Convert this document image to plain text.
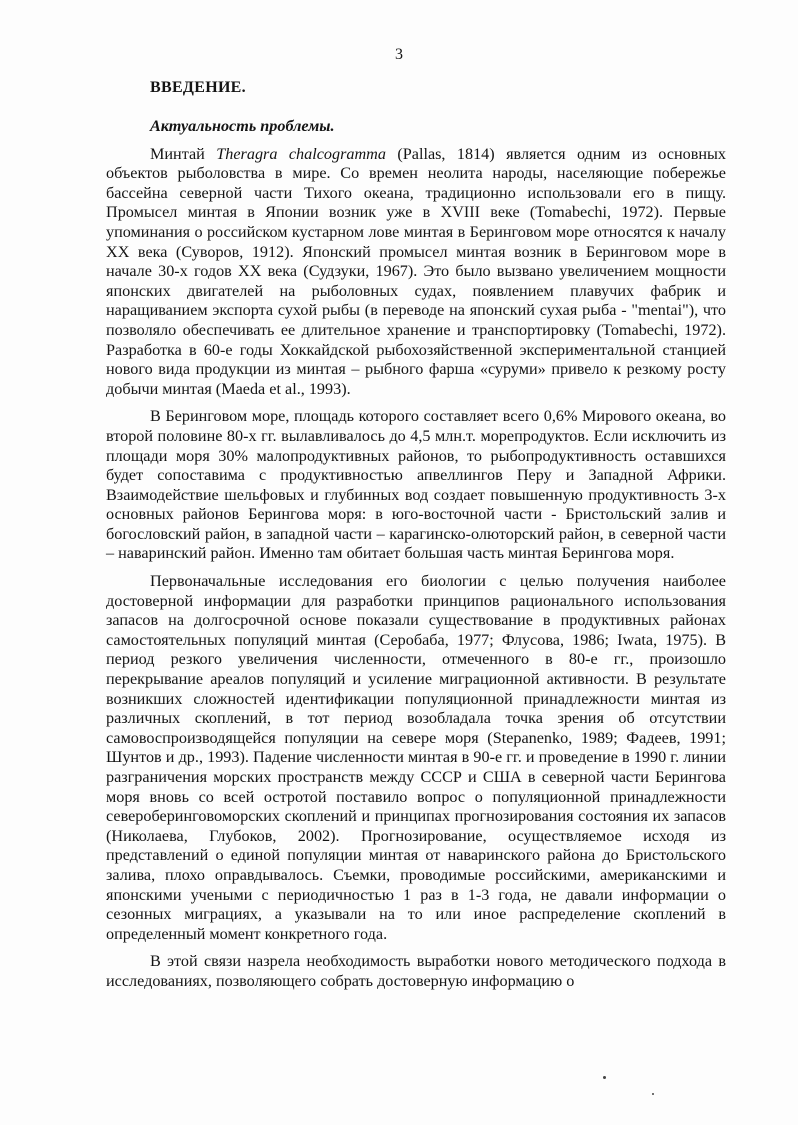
3
ВВЕДЕНИЕ.

Актуальность проблемы.

Минтай Theragra chalcogramma (Pallas, 1814) является одним из основных объектов рыболовства в мире. Со времен неолита народы, населяющие побережье бассейна северной части Тихого океана, традиционно использовали его в пищу. Промысел минтая в Японии возник уже в XVIII веке (Tomabechi, 1972). Первые упоминания о российском кустарном лове минтая в Беринговом море относятся к началу XX века (Суворов, 1912). Японский промысел минтая возник в Беринговом море в начале 30-х годов XX века (Судзуки, 1967). Это было вызвано увеличением мощности японских двигателей на рыболовных судах, появлением плавучих фабрик и наращиванием экспорта сухой рыбы (в переводе на японский сухая рыба - "mentai"), что позволяло обеспечивать ее длительное хранение и транспортировку (Tomabechi, 1972). Разработка в 60-е годы Хоккайдской рыбохозяйственной экспериментальной станцией нового вида продукции из минтая – рыбного фарша «суруми» привело к резкому росту добычи минтая (Maeda et al., 1993).

В Беринговом море, площадь которого составляет всего 0,6% Мирового океана, во второй половине 80-х гг. вылавливалось до 4,5 млн.т. морепродуктов. Если исключить из площади моря 30% малопродуктивных районов, то рыбопродуктивность оставшихся будет сопоставима с продуктивностью апвеллингов Перу и Западной Африки. Взаимодействие шельфовых и глубинных вод создает повышенную продуктивность 3-х основных районов Берингова моря: в юго-восточной части - Бристольский залив и богословский район, в западной части – карагинско-олюторский район, в северной части – наваринский район. Именно там обитает большая часть минтая Берингова моря.

Первоначальные исследования его биологии с целью получения наиболее достоверной информации для разработки принципов рационального использования запасов на долгосрочной основе показали существование в продуктивных районах самостоятельных популяций минтая (Серобаба, 1977; Флусова, 1986; Iwata, 1975). В период резкого увеличения численности, отмеченного в 80-е гг., произошло перекрывание ареалов популяций и усиление миграционной активности. В результате возникших сложностей идентификации популяционной принадлежности минтая из различных скоплений, в тот период возобладала точка зрения об отсутствии самовоспроизводящейся популяции на севере моря (Stepanenko, 1989; Фадеев, 1991; Шунтов и др., 1993). Падение численности минтая в 90-е гг. и проведение в 1990 г. линии разграничения морских пространств между СССР и США в северной части Берингова моря вновь со всей остротой поставило вопрос о популяционной принадлежности североберинговоморских скоплений и принципах прогнозирования состояния их запасов (Николаева, Глубоков, 2002). Прогнозирование, осуществляемое исходя из представлений о единой популяции минтая от наваринского района до Бристольского залива, плохо оправдывалось. Съемки, проводимые российскими, американскими и японскими учеными с периодичностью 1 раз в 1-3 года, не давали информации о сезонных миграциях, а указывали на то или иное распределение скоплений в определенный момент конкретного года.

В этой связи назрела необходимость выработки нового методического подхода в исследованиях, позволяющего собрать достоверную информацию о
